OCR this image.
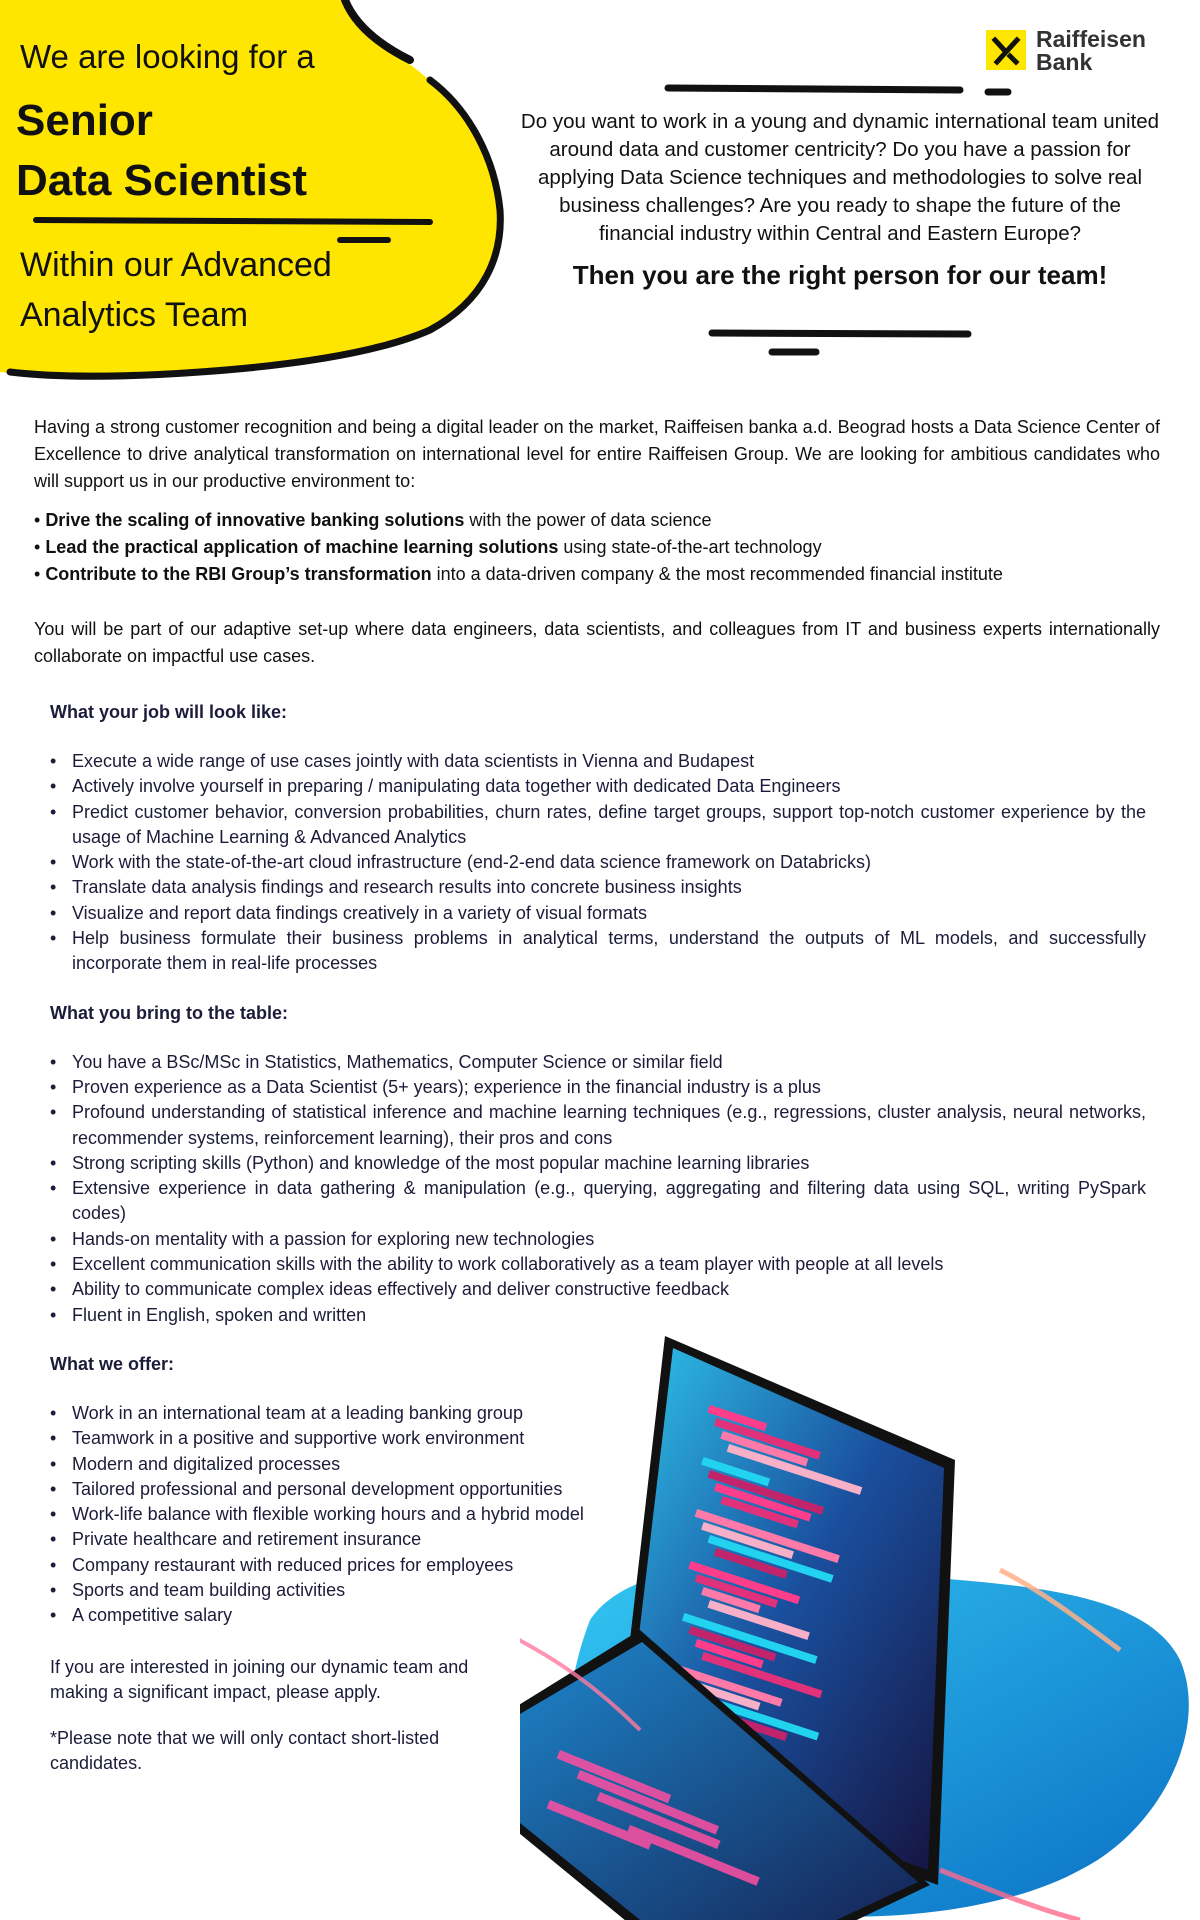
We are looking for a
Senior
Data Scientist
Within our Advanced
Analytics Team
Raiffeisen
Bank
Do you want to work in a young and dynamic international team united around data and customer centricity? Do you have a passion for applying Data Science techniques and methodologies to solve real business challenges? Are you ready to shape the future of the financial industry within Central and Eastern Europe?
Then you are the right person for our team!

Having a strong customer recognition and being a digital leader on the market, Raiffeisen banka a.d. Beograd hosts a Data Science Center of Excellence to drive analytical transformation on international level for entire Raiffeisen Group. We are looking for ambitious candidates who will support us in our productive environment to:

• Drive the scaling of innovative banking solutions with the power of data science
• Lead the practical application of machine learning solutions using state-of-the-art technology
• Contribute to the RBI Group’s transformation into a data-driven company & the most recommended financial institute

You will be part of our adaptive set-up where data engineers, data scientists, and colleagues from IT and business experts internationally collaborate on impactful use cases.

What your job will look like:
• Execute a wide range of use cases jointly with data scientists in Vienna and Budapest
• Actively involve yourself in preparing / manipulating data together with dedicated Data Engineers
• Predict customer behavior, conversion probabilities, churn rates, define target groups, support top-notch customer experience by the usage of Machine Learning & Advanced Analytics
• Work with the state-of-the-art cloud infrastructure (end-2-end data science framework on Databricks)
• Translate data analysis findings and research results into concrete business insights
• Visualize and report data findings creatively in a variety of visual formats
• Help business formulate their business problems in analytical terms, understand the outputs of ML models, and successfully incorporate them in real-life processes
What you bring to the table:
• You have a BSc/MSc in Statistics, Mathematics, Computer Science or similar field
• Proven experience as a Data Scientist (5+ years); experience in the financial industry is a plus
• Profound understanding of statistical inference and machine learning techniques (e.g., regressions, cluster analysis, neural networks, recommender systems, reinforcement learning), their pros and cons
• Strong scripting skills (Python) and knowledge of the most popular machine learning libraries
• Extensive experience in data gathering & manipulation (e.g., querying, aggregating and filtering data using SQL, writing PySpark codes)
• Hands-on mentality with a passion for exploring new technologies
• Excellent communication skills with the ability to work collaboratively as a team player with people at all levels
• Ability to communicate complex ideas effectively and deliver constructive feedback
• Fluent in English, spoken and written
What we offer:
• Work in an international team at a leading banking group
• Teamwork in a positive and supportive work environment
• Modern and digitalized processes
• Tailored professional and personal development opportunities
• Work-life balance with flexible working hours and a hybrid model
• Private healthcare and retirement insurance
• Company restaurant with reduced prices for employees
• Sports and team building activities
• A competitive salary

If you are interested in joining our dynamic team and making a significant impact, please apply.

*Please note that we will only contact short-listed candidates.
